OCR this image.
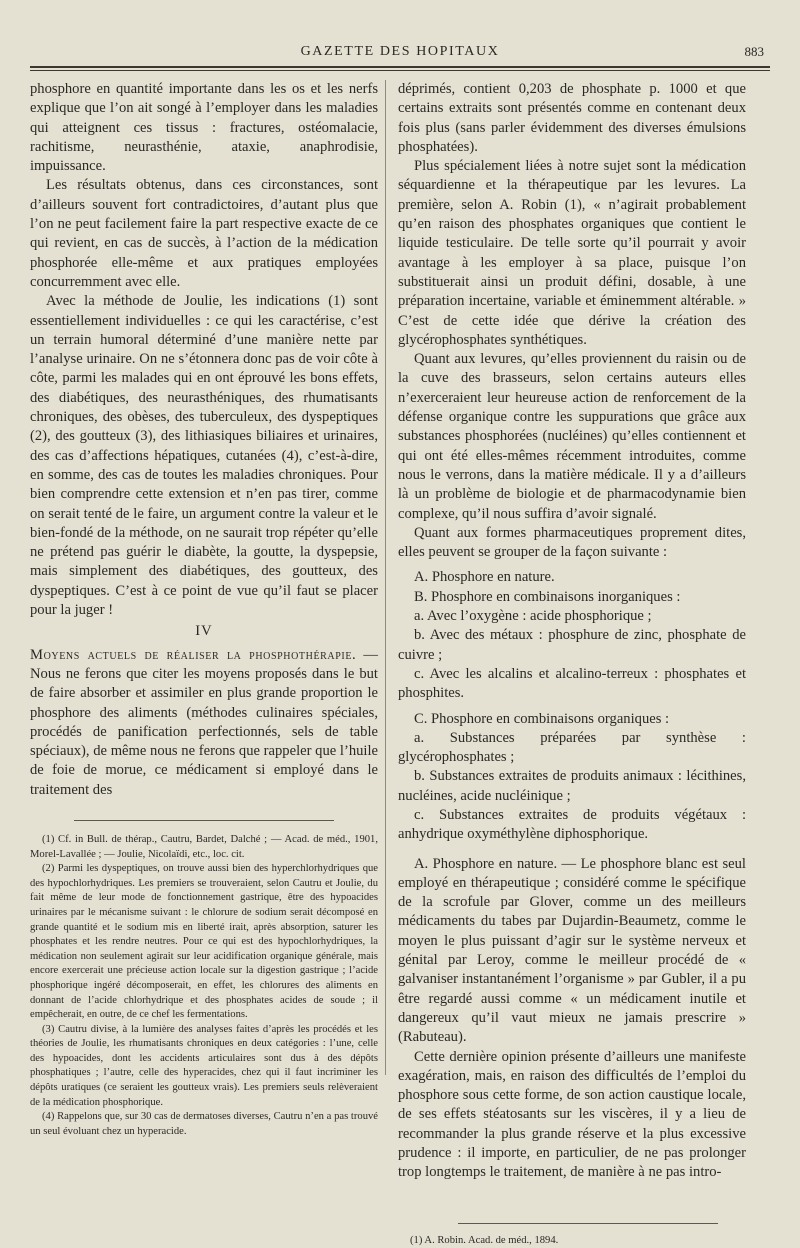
GAZETTE DES HOPITAUX	883

phosphore en quantité importante dans les os et les nerfs explique que l’on ait songé à l’employer dans les maladies qui atteignent ces tissus : fractures, ostéomalacie, rachitisme, neurasthénie, ataxie, anaphrodisie, impuissance.

Les résultats obtenus, dans ces circonstances, sont d’ailleurs souvent fort contradictoires, d’autant plus que l’on ne peut facilement faire la part respective exacte de ce qui revient, en cas de succès, à l’action de la médication phosphorée elle-même et aux pratiques employées concurremment avec elle.

Avec la méthode de Joulie, les indications (1) sont essentiellement individuelles : ce qui les caractérise, c’est un terrain humoral déterminé d’une manière nette par l’analyse urinaire. On ne s’étonnera donc pas de voir côte à côte, parmi les malades qui en ont éprouvé les bons effets, des diabétiques, des neurasthéniques, des rhumatisants chroniques, des obèses, des tuberculeux, des dyspeptiques (2), des goutteux (3), des lithiasiques biliaires et urinaires, des cas d’affections hépatiques, cutanées (4), c’est-à-dire, en somme, des cas de toutes les maladies chroniques. Pour bien comprendre cette extension et n’en pas tirer, comme on serait tenté de le faire, un argument contre la valeur et le bien-fondé de la méthode, on ne saurait trop répéter qu’elle ne prétend pas guérir le diabète, la goutte, la dyspepsie, mais simplement des diabétiques, des goutteux, des dyspeptiques. C’est à ce point de vue qu’il faut se placer pour la juger !

IV

Moyens actuels de réaliser la phosphothérapie. — Nous ne ferons que citer les moyens proposés dans le but de faire absorber et assimiler en plus grande proportion le phosphore des aliments (méthodes culinaires spéciales, procédés de panification perfectionnés, sels de table spéciaux), de même nous ne ferons que rappeler que l’huile de foie de morue, ce médicament si employé dans le traitement des

(1) Cf. in Bull. de thérap., Cautru, Bardet, Dalché ; — Acad. de méd., 1901, Morel-Lavallée ; — Joulie, Nicolaïdi, etc., loc. cit.

(2) Parmi les dyspeptiques, on trouve aussi bien des hyperchlorhydriques que des hypochlorhydriques. Les premiers se trouveraient, selon Cautru et Joulie, du fait même de leur mode de fonctionnement gastrique, être des hypoacides urinaires par le mécanisme suivant : le chlorure de sodium serait décomposé en grande quantité et le sodium mis en liberté irait, après absorption, saturer les phosphates et les rendre neutres. Pour ce qui est des hypochlorhydriques, la médication non seulement agirait sur leur acidification organique générale, mais encore exercerait une précieuse action locale sur la digestion gastrique ; l’acide phosphorique ingéré décomposerait, en effet, les chlorures des aliments en donnant de l’acide chlorhydrique et des phosphates acides de soude ; il empêcherait, en outre, de ce chef les fermentations.

(3) Cautru divise, à la lumière des analyses faites d’après les procédés et les théories de Joulie, les rhumatisants chroniques en deux catégories : l’une, celle des hypoacides, dont les accidents articulaires sont dus à des dépôts phosphatiques ; l’autre, celle des hyperacides, chez qui il faut incriminer les dépôts uratiques (ce seraient les goutteux vrais). Les premiers seuls relèveraient de la médication phosphorique.

(4) Rappelons que, sur 30 cas de dermatoses diverses, Cautru n’en a pas trouvé un seul évoluant chez un hyperacide.

déprimés, contient 0,203 de phosphate p. 1000 et que certains extraits sont présentés comme en contenant deux fois plus (sans parler évidemment des diverses émulsions phosphatées).

Plus spécialement liées à notre sujet sont la médication séquardienne et la thérapeutique par les levures. La première, selon A. Robin (1), « n’agirait probablement qu’en raison des phosphates organiques que contient le liquide testiculaire. De telle sorte qu’il pourrait y avoir avantage à les employer à sa place, puisque l’on substituerait ainsi un produit défini, dosable, à une préparation incertaine, variable et éminemment altérable. » C’est de cette idée que dérive la création des glycérophosphates synthétiques.

Quant aux levures, qu’elles proviennent du raisin ou de la cuve des brasseurs, selon certains auteurs elles n’exerceraient leur heureuse action de renforcement de la défense organique contre les suppurations que grâce aux substances phosphorées (nucléines) qu’elles contiennent et qui ont été elles-mêmes récemment introduites, comme nous le verrons, dans la matière médicale. Il y a d’ailleurs là un problème de biologie et de pharmacodynamie bien complexe, qu’il nous suffira d’avoir signalé.

Quant aux formes pharmaceutiques proprement dites, elles peuvent se grouper de la façon suivante :

A. Phosphore en nature.

B. Phosphore en combinaisons inorganiques :

a. Avec l’oxygène : acide phosphorique ;

b. Avec des métaux : phosphure de zinc, phosphate de cuivre ;

c. Avec les alcalins et alcalino-terreux : phosphates et phosphites.

C. Phosphore en combinaisons organiques :

a. Substances préparées par synthèse : glycérophosphates ;

b. Substances extraites de produits animaux : lécithines, nucléines, acide nucléinique ;

c. Substances extraites de produits végétaux : anhydrique oxyméthylène diphosphorique.

A. Phosphore en nature. — Le phosphore blanc est seul employé en thérapeutique ; considéré comme le spécifique de la scrofule par Glover, comme un des meilleurs médicaments du tabes par Dujardin-Beaumetz, comme le moyen le plus puissant d’agir sur le système nerveux et génital par Leroy, comme le meilleur procédé de « galvaniser instantanément l’organisme » par Gubler, il a pu être regardé aussi comme « un médicament inutile et dangereux qu’il vaut mieux ne jamais prescrire » (Rabuteau).

Cette dernière opinion présente d’ailleurs une manifeste exagération, mais, en raison des difficultés de l’emploi du phosphore sous cette forme, de son action caustique locale, de ses effets stéatosants sur les viscères, il y a lieu de recommander la plus grande réserve et la plus excessive prudence : il importe, en particulier, de ne pas prolonger trop longtemps le traitement, de manière à ne pas intro-

(1) A. Robin. Acad. de méd., 1894.
